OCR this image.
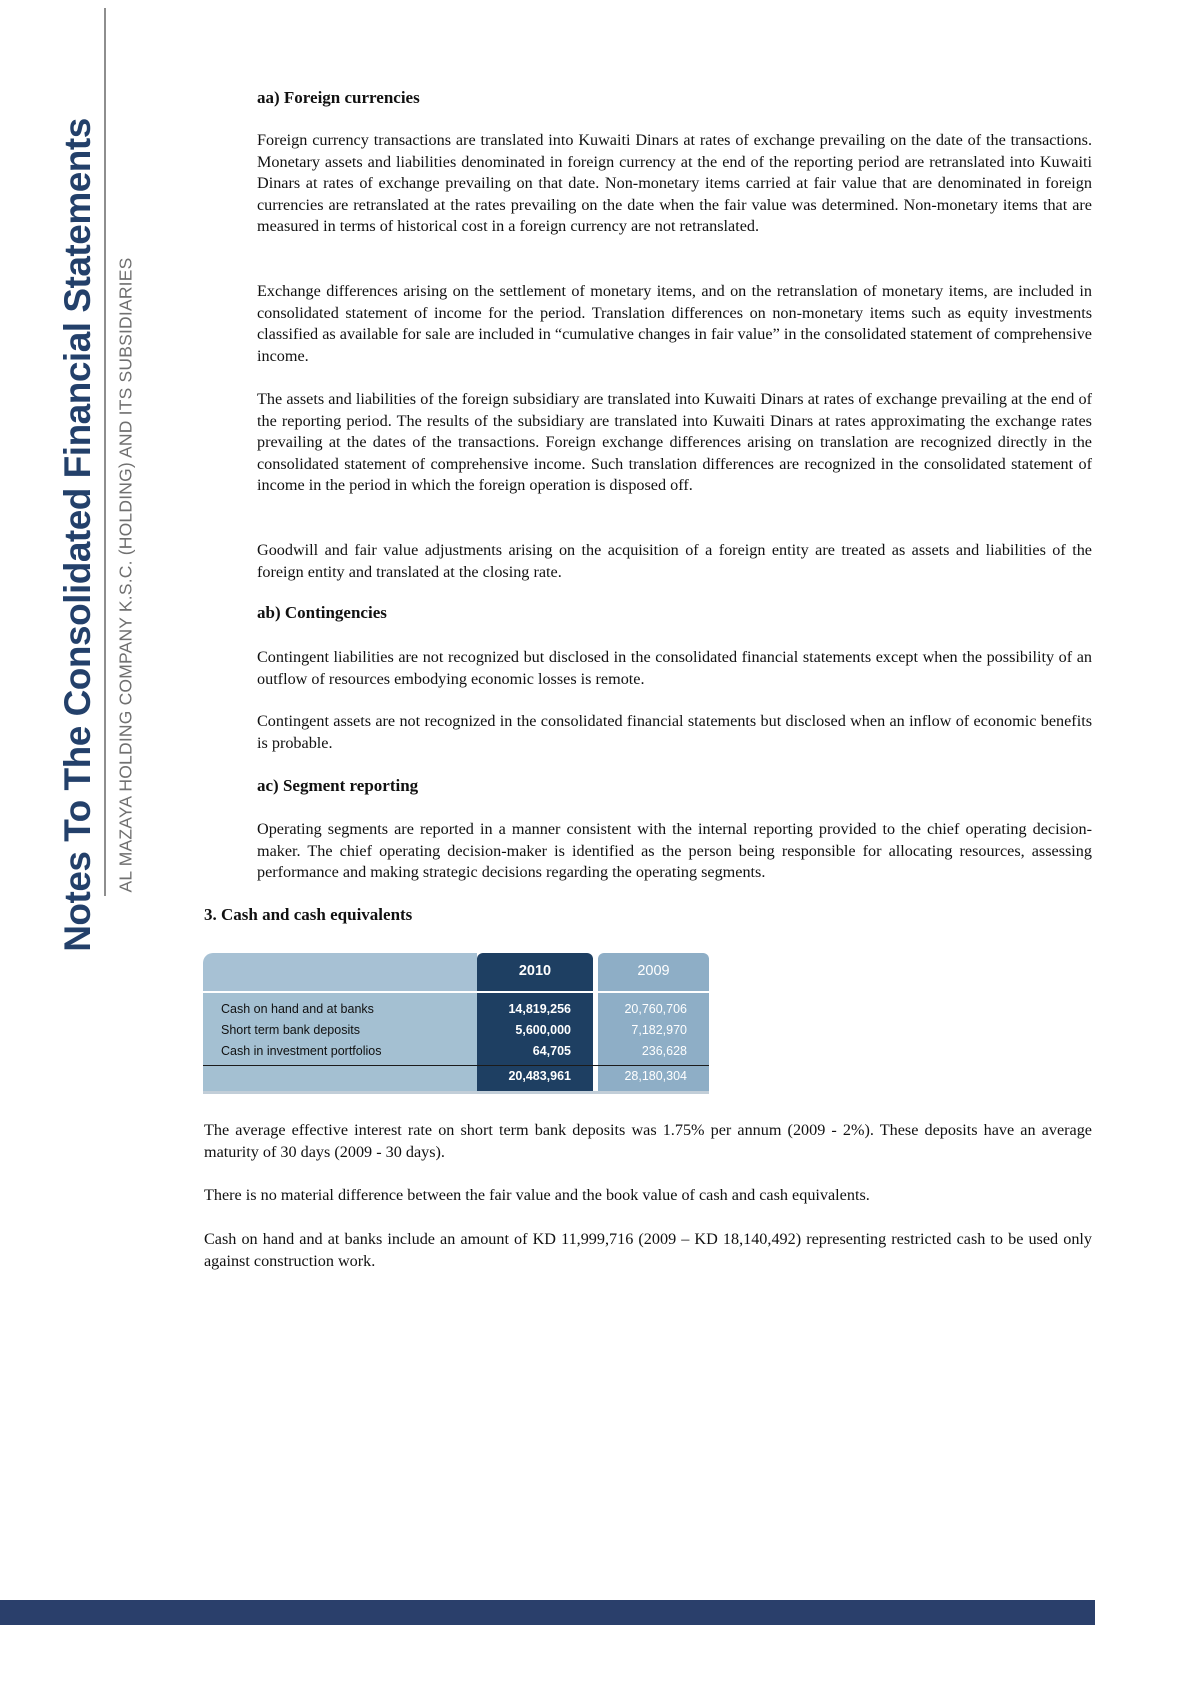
Notes To The Consolidated Financial Statements AL MAZAYA HOLDING COMPANY K.S.C. (HOLDING) AND ITS SUBSIDIARIES
aa) Foreign currencies

Foreign currency transactions are translated into Kuwaiti Dinars at rates of exchange prevailing on the date of the transactions. Monetary assets and liabilities denominated in foreign currency at the end of the reporting period are retranslated into Kuwaiti Dinars at rates of exchange prevailing on that date. Non-monetary items carried at fair value that are denominated in foreign currencies are retranslated at the rates prevailing on the date when the fair value was determined. Non-monetary items that are measured in terms of historical cost in a foreign currency are not retranslated.

Exchange differences arising on the settlement of monetary items, and on the retranslation of monetary items, are included in consolidated statement of income for the period. Translation differences on non-monetary items such as equity investments classified as available for sale are included in “cumulative changes in fair value” in the consolidated statement of comprehensive income.

The assets and liabilities of the foreign subsidiary are translated into Kuwaiti Dinars at rates of exchange prevailing at the end of the reporting period. The results of the subsidiary are translated into Kuwaiti Dinars at rates approximating the exchange rates prevailing at the dates of the transactions. Foreign exchange differences arising on translation are recognized directly in the consolidated statement of comprehensive income. Such translation differences are recognized in the consolidated statement of income in the period in which the foreign operation is disposed off.

Goodwill and fair value adjustments arising on the acquisition of a foreign entity are treated as assets and liabilities of the foreign entity and translated at the closing rate.

ab) Contingencies

Contingent liabilities are not recognized but disclosed in the consolidated financial statements except when the possibility of an outflow of resources embodying economic losses is remote.

Contingent assets are not recognized in the consolidated financial statements but disclosed when an inflow of economic benefits is probable.

ac) Segment reporting

Operating segments are reported in a manner consistent with the internal reporting provided to the chief operating decision-maker. The chief operating decision-maker is identified as the person being responsible for allocating resources, assessing performance and making strategic decisions regarding the operating segments.

3. Cash and cash equivalents
Cash on hand and at banks
Short term bank deposits
Cash in investment portfolios
2010
14,819,256
5,600,000
64,705
20,483,961
2009
20,760,706
7,182,970
236,628
28,180,304

The average effective interest rate on short term bank deposits was 1.75% per annum (2009 - 2%). These deposits have an average maturity of 30 days (2009 - 30 days).

There is no material difference between the fair value and the book value of cash and cash equivalents.

Cash on hand and at banks include an amount of KD 11,999,716 (2009 – KD 18,140,492) representing restricted cash to be used only against construction work.
